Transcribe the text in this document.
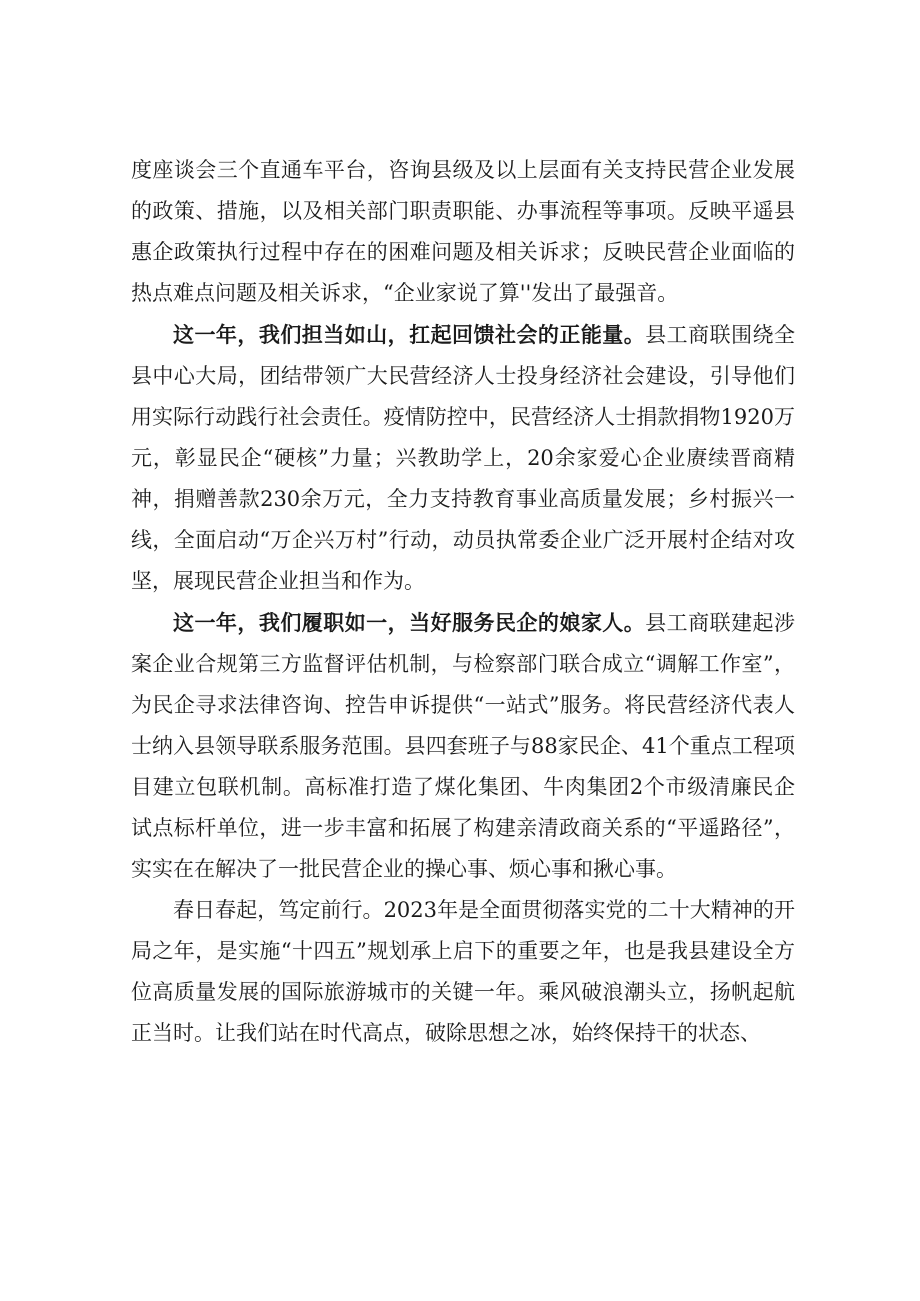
度座谈会三个直通车平台，咨询县级及以上层面有关支持民营企业发展的政策、措施，以及相关部门职责职能、办事流程等事项。反映平遥县惠企政策执行过程中存在的困难问题及相关诉求；反映民营企业面临的热点难点问题及相关诉求，“企业家说了算''发出了最强音。

这一年，我们担当如山，扛起回馈社会的正能量。县工商联围绕全县中心大局，团结带领广大民营经济人士投身经济社会建设，引导他们用实际行动践行社会责任。疫情防控中，民营经济人士捐款捐物1920万元，彰显民企“硬核”力量；兴教助学上，20余家爱心企业赓续晋商精神，捐赠善款230余万元，全力支持教育事业高质量发展；乡村振兴一线，全面启动“万企兴万村”行动，动员执常委企业广泛开展村企结对攻坚，展现民营企业担当和作为。

这一年，我们履职如一，当好服务民企的娘家人。县工商联建起涉案企业合规第三方监督评估机制，与检察部门联合成立“调解工作室”，为民企寻求法律咨询、控告申诉提供“一站式”服务。将民营经济代表人士纳入县领导联系服务范围。县四套班子与88家民企、41个重点工程项目建立包联机制。高标准打造了煤化集团、牛肉集团2个市级清廉民企试点标杆单位，进一步丰富和拓展了构建亲清政商关系的“平遥路径”，实实在在解决了一批民营企业的操心事、烦心事和揪心事。

春日春起，笃定前行。2023年是全面贯彻落实党的二十大精神的开局之年，是实施“十四五”规划承上启下的重要之年，也是我县建设全方位高质量发展的国际旅游城市的关键一年。乘风破浪潮头立，扬帆起航正当时。让我们站在时代高点，破除思想之冰，始终保持干的状态、
